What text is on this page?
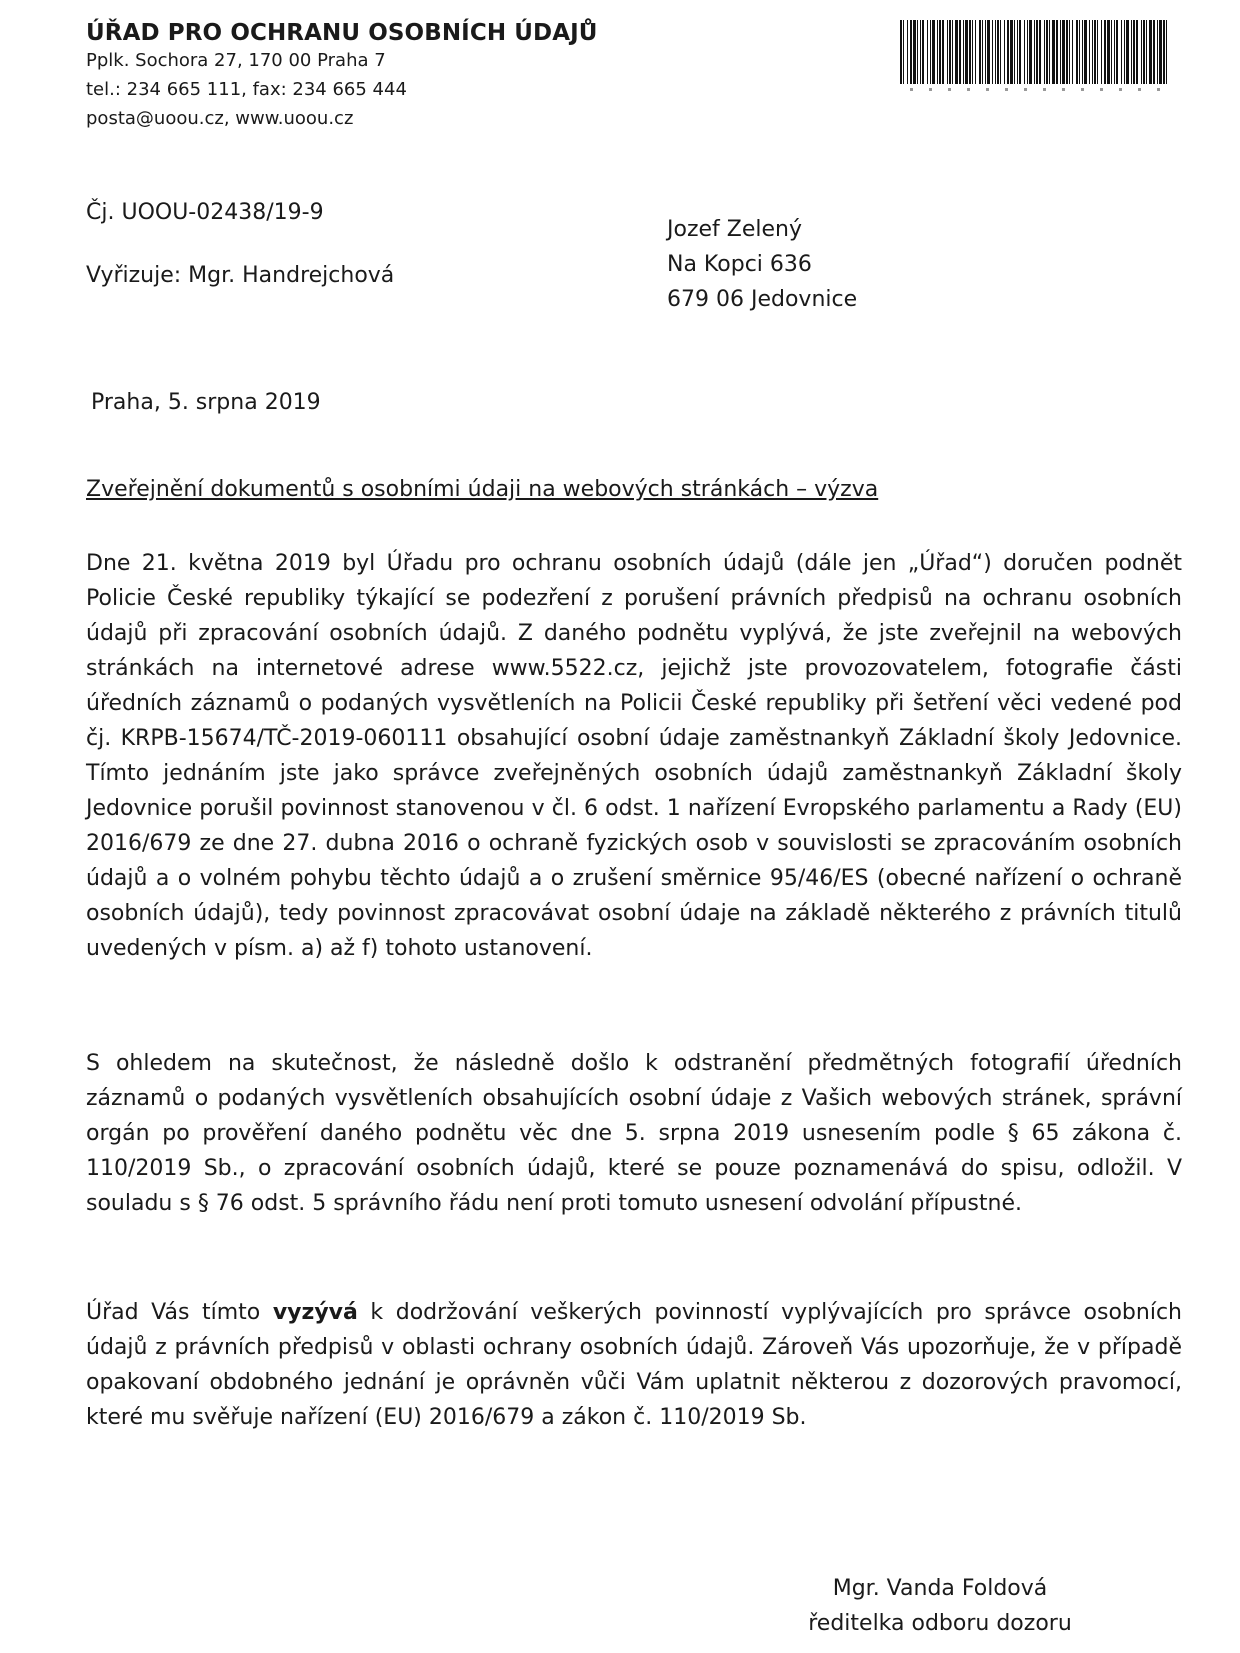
ÚŘAD PRO OCHRANU OSOBNÍCH ÚDAJŮ
Pplk. Sochora 27, 170 00 Praha 7
tel.: 234 665 111, fax: 234 665 444
posta@uoou.cz, www.uoou.cz
Čj. UOOU-02438/19-9
Vyřizuje: Mgr. Handrejchová
Jozef Zelený
Na Kopci 636
679 06 Jedovnice
Praha, 5. srpna 2019
Zveřejnění dokumentů s osobními údaji na webových stránkách – výzva
Dne 21. května 2019 byl Úřadu pro ochranu osobních údajů (dále jen „Úřad“) doručen podnět Policie České republiky týkající se podezření z porušení právních předpisů na ochranu osobních údajů při zpracování osobních údajů. Z daného podnětu vyplývá, že jste zveřejnil na webových stránkách na internetové adrese www.5522.cz, jejichž jste provozovatelem, fotografie části úředních záznamů o podaných vysvětleních na Policii České republiky při šetření věci vedené pod čj. KRPB-15674/TČ-2019-060111 obsahující osobní údaje zaměstnankyň Základní školy Jedovnice. Tímto jednáním jste jako správce zveřejněných osobních údajů zaměstnankyň Základní školy Jedovnice porušil povinnost stanovenou v čl. 6 odst. 1 nařízení Evropského parlamentu a Rady (EU) 2016/679 ze dne 27. dubna 2016 o ochraně fyzických osob v souvislosti se zpracováním osobních údajů a o volném pohybu těchto údajů a o zrušení směrnice 95/46/ES (obecné nařízení o ochraně osobních údajů), tedy povinnost zpracovávat osobní údaje na základě některého z právních titulů uvedených v písm. a) až f) tohoto ustanovení.
S ohledem na skutečnost, že následně došlo k odstranění předmětných fotografií úředních záznamů o podaných vysvětleních obsahujících osobní údaje z Vašich webových stránek, správní orgán po prověření daného podnětu věc dne 5. srpna 2019 usnesením podle § 65 zákona č. 110/2019 Sb., o zpracování osobních údajů, které se pouze poznamenává do spisu, odložil. V souladu s § 76 odst. 5 správního řádu není proti tomuto usnesení odvolání přípustné.
Úřad Vás tímto vyzývá k dodržování veškerých povinností vyplývajících pro správce osobních údajů z právních předpisů v oblasti ochrany osobních údajů. Zároveň Vás upozorňuje, že v případě opakovaní obdobného jednání je oprávněn vůči Vám uplatnit některou z dozorových pravomocí, které mu svěřuje nařízení (EU) 2016/679 a zákon č. 110/2019 Sb.
Mgr. Vanda Foldová
ředitelka odboru dozoru
